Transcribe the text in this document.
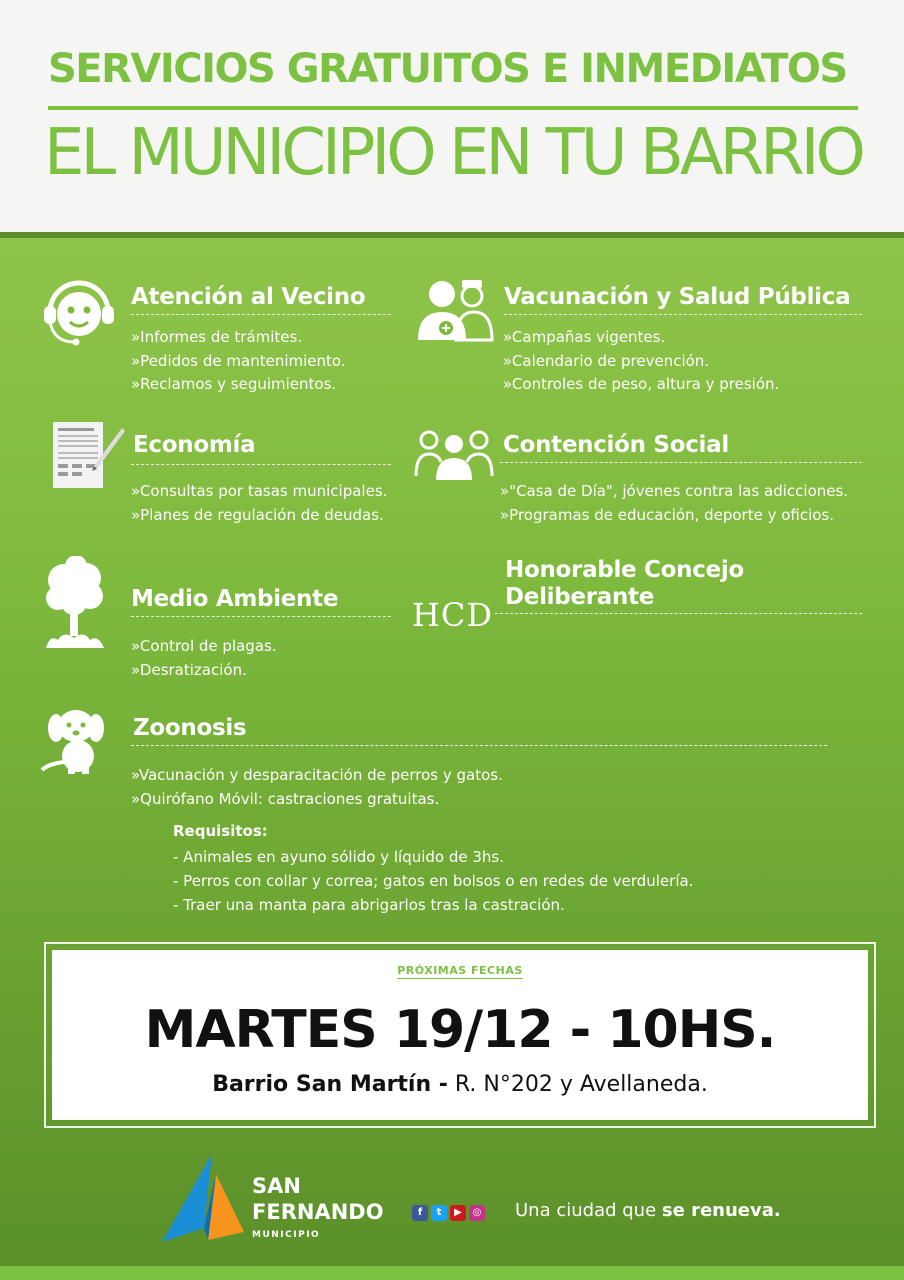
SERVICIOS GRATUITOS E INMEDIATOS
EL MUNICIPIO EN TU BARRIO
Atención al Vecino
»Informes de trámites.
»Pedidos de mantenimiento.
»Reclamos y seguimientos.
Vacunación y Salud Pública
»Campañas vigentes.
»Calendario de prevención.
»Controles de peso, altura y presión.
Economía
»Consultas por tasas municipales.
»Planes de regulación de deudas.
Contención Social
»"Casa de Día", jóvenes contra las adicciones.
»Programas de educación, deporte y oficios.
Medio Ambiente
»Control de plagas.
»Desratización.
HCD
Honorable Concejo
Deliberante
Zoonosis
»Vacunación y desparacitación de perros y gatos.
»Quirófano Móvil: castraciones gratuitas.
Requisitos:
- Animales en ayuno sólido y líquido de 3hs.
- Perros con collar y correa; gatos en bolsos o en redes de verdulería.
- Traer una manta para abrigarlos tras la castración.
PRÓXIMAS FECHAS
MARTES 19/12 - 10HS.
Barrio San Martín - R. N°202 y Avellaneda.
SAN
FERNANDO
MUNICIPIO
f	t	▶	◎ Una ciudad que se renueva.
